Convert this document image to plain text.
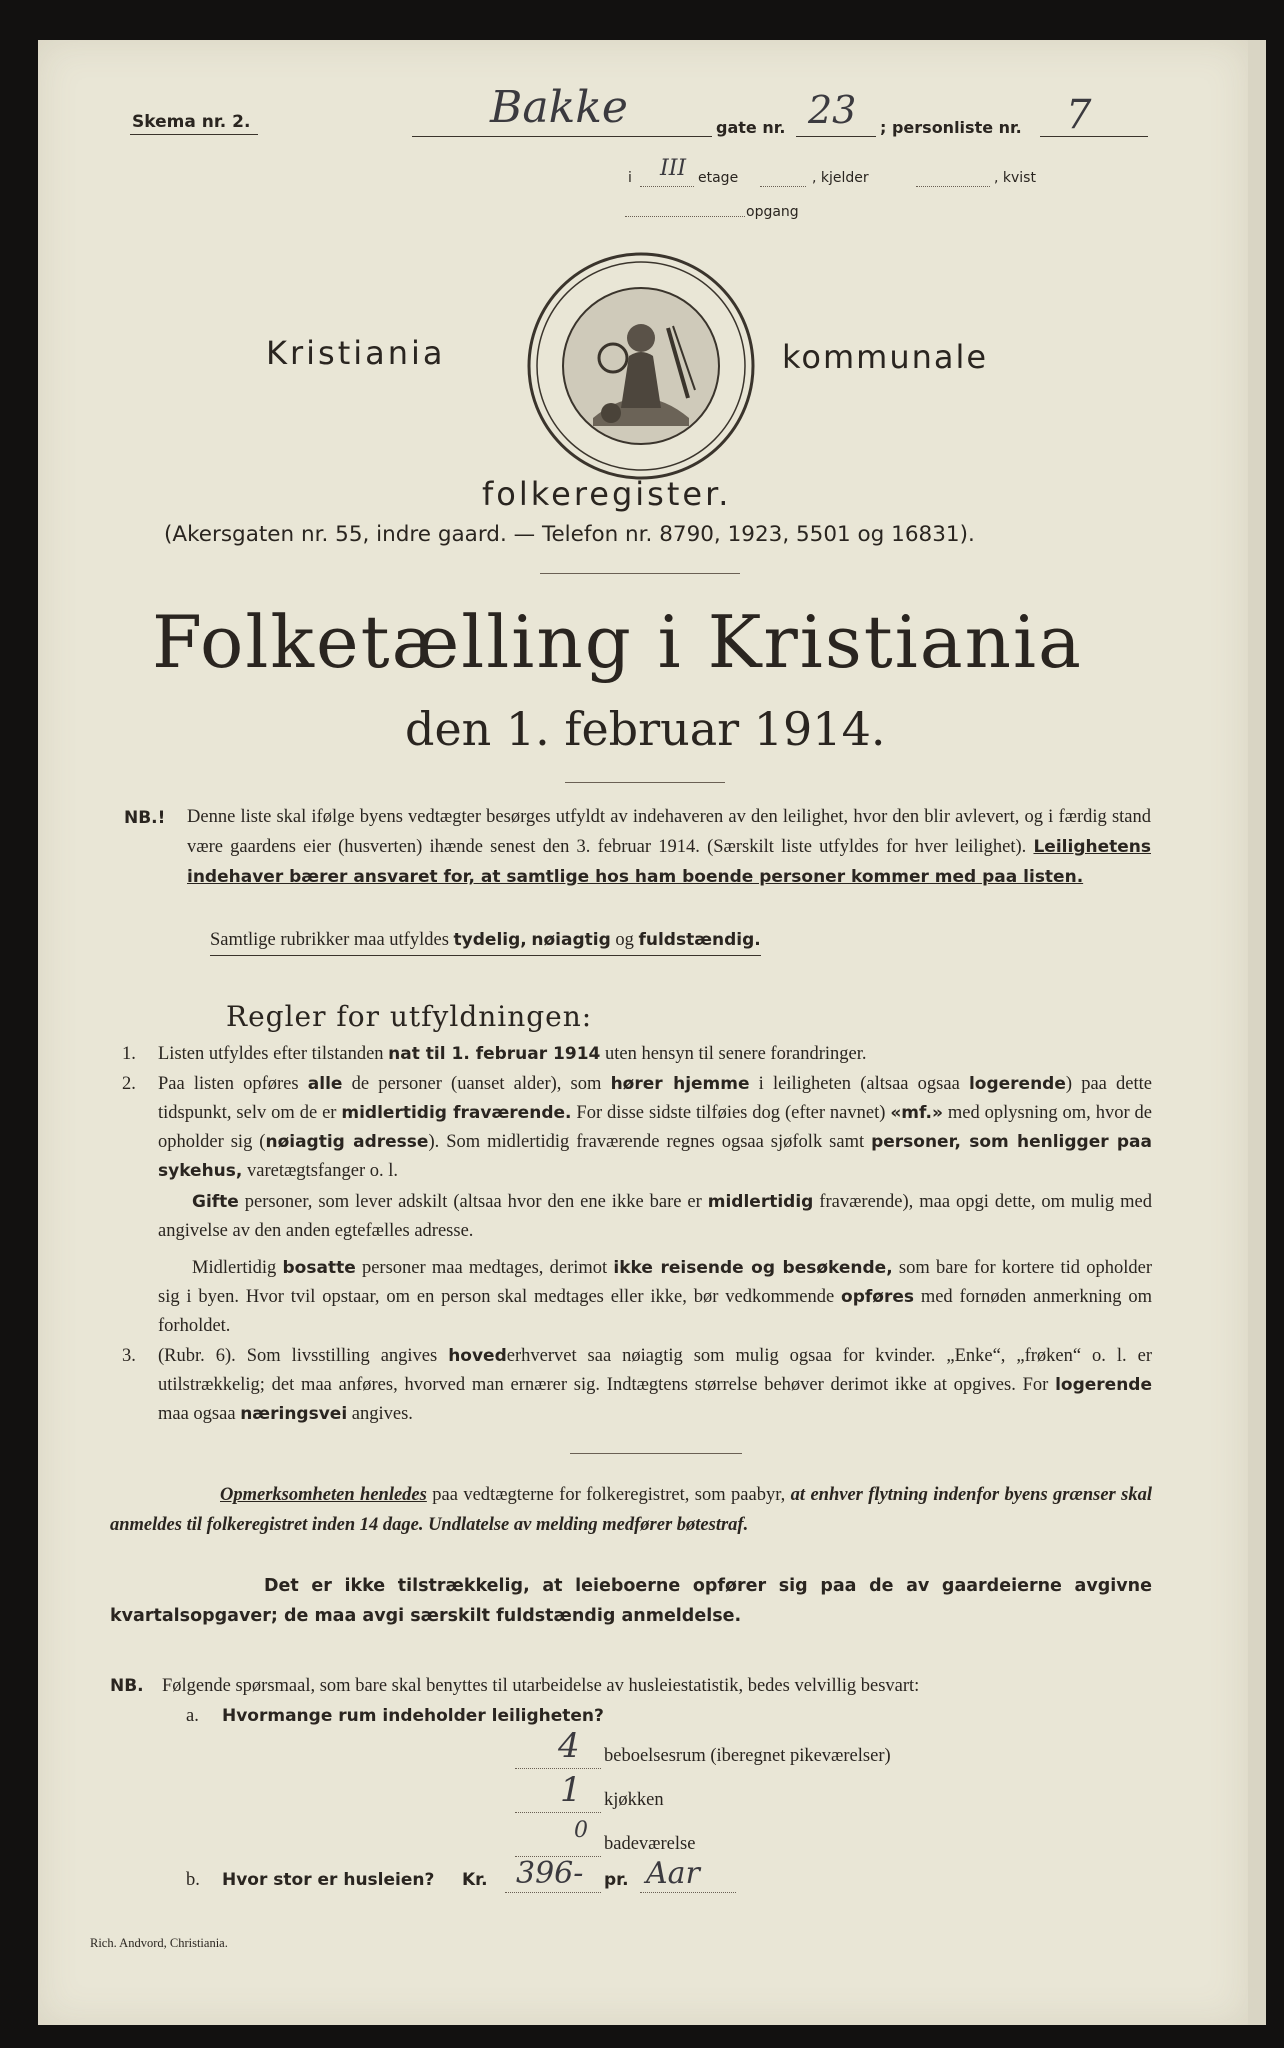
Skema nr. 2.	Bakke	gate nr. 23 ; personliste nr. 7
i III etage	, kjelder	, kvist
opgang
Kristiania	kommunale
folkeregister.
(Akersgaten nr. 55, indre gaard. — Telefon nr. 8790, 1923, 5501 og 16831).
Folketælling i Kristiania
den 1. februar 1914.
NB.! Denne liste skal ifølge byens vedtægter besørges utfyldt av indehaveren av den leilighet, hvor den blir avlevert, og i færdig stand være gaardens eier (husverten) ihænde senest den 3. februar 1914. (Særskilt liste utfyldes for hver leilighet). Leilighetens indehaver bærer ansvaret for, at samtlige hos ham boende personer kommer med paa listen.
Samtlige rubrikker maa utfyldes tydelig, nøiagtig og fuldstændig.
Regler for utfyldningen:
1. Listen utfyldes efter tilstanden nat til 1. februar 1914 uten hensyn til senere forandringer.
2. Paa listen opføres alle de personer (uanset alder), som hører hjemme i leiligheten (altsaa ogsaa logerende) paa dette tidspunkt, selv om de er midlertidig fraværende. For disse sidste tilføies dog (efter navnet) «mf.» med oplysning om, hvor de opholder sig (nøiagtig adresse). Som midlertidig fraværende regnes ogsaa sjøfolk samt personer, som henligger paa sykehus, varetægtsfanger o. l.
Gifte personer, som lever adskilt (altsaa hvor den ene ikke bare er midlertidig fraværende), maa opgi dette, om mulig med angivelse av den anden egtefælles adresse.
Midlertidig bosatte personer maa medtages, derimot ikke reisende og besøkende, som bare for kortere tid opholder sig i byen. Hvor tvil opstaar, om en person skal medtages eller ikke, bør vedkommende opføres med fornøden anmerkning om forholdet.
3. (Rubr. 6). Som livsstilling angives hovederhvervet saa nøiagtig som mulig ogsaa for kvinder. „Enke“, „frøken“ o. l. er utilstrækkelig; det maa anføres, hvorved man ernærer sig. Indtægtens størrelse behøver derimot ikke at opgives. For logerende maa ogsaa næringsvei angives.
Opmerksomheten henledes paa vedtægterne for folkeregistret, som paabyr, at enhver flytning indenfor byens grænser skal anmeldes til folkeregistret inden 14 dage. Undlatelse av melding medfører bøtestraf.
Det er ikke tilstrækkelig, at leieboerne opfører sig paa de av gaardeierne avgivne kvartalsopgaver; de maa avgi særskilt fuldstændig anmeldelse.
NB. Følgende spørsmaal, som bare skal benyttes til utarbeidelse av husleiestatistik, bedes velvillig besvart:
a. Hvormange rum indeholder leiligheten?
4 beboelsesrum (iberegnet pikeværelser)
1 kjøkken
0
badeværelse
b. Hvor stor er husleien? Kr. 396- pr. Aar
Rich. Andvord, Christiania.
